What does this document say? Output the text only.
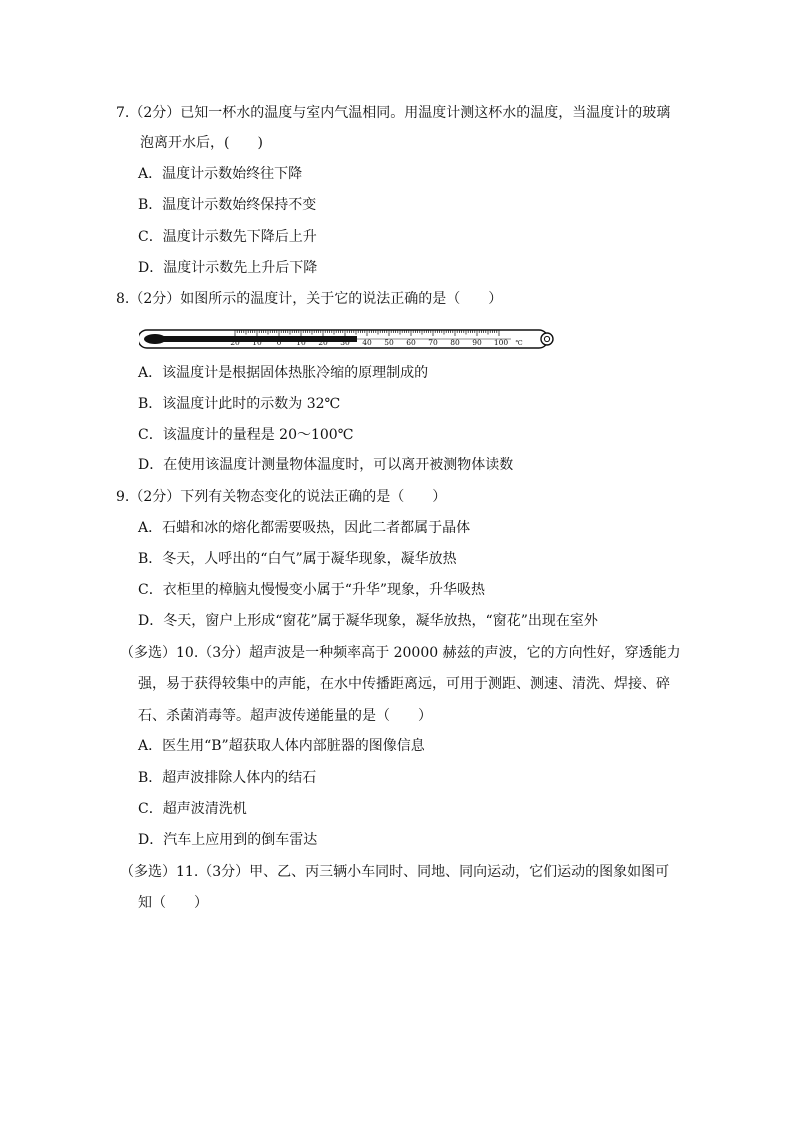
7.（2分）已知一杯水的温度与室内气温相同。用温度计测这杯水的温度，当温度计的玻璃
泡离开水后，(　　)
A．温度计示数始终往下降
B．温度计示数始终保持不变
C．温度计示数先下降后上升
D．温度计示数先上升后下降
8.（2分）如图所示的温度计，关于它的说法正确的是（　　）
20 10 0 10 20 30 40 50 60 70 80 90 100 ℃
A．该温度计是根据固体热胀冷缩的原理制成的
B．该温度计此时的示数为 32℃
C．该温度计的量程是 20～100℃
D．在使用该温度计测量物体温度时，可以离开被测物体读数
9.（2分）下列有关物态变化的说法正确的是（　　）
A．石蜡和冰的熔化都需要吸热，因此二者都属于晶体
B．冬天，人呼出的“白气”属于凝华现象，凝华放热
C．衣柜里的樟脑丸慢慢变小属于“升华”现象，升华吸热
D．冬天，窗户上形成“窗花”属于凝华现象，凝华放热，“窗花”出现在室外
（多选）10.（3分）超声波是一种频率高于 20000 赫兹的声波，它的方向性好，穿透能力
强，易于获得较集中的声能，在水中传播距离远，可用于测距、测速、清洗、焊接、碎
石、杀菌消毒等。超声波传递能量的是（　　）
A．医生用“B”超获取人体内部脏器的图像信息
B．超声波排除人体内的结石
C．超声波清洗机
D．汽车上应用到的倒车雷达
（多选）11.（3分）甲、乙、丙三辆小车同时、同地、同向运动，它们运动的图象如图可
知（　　）
